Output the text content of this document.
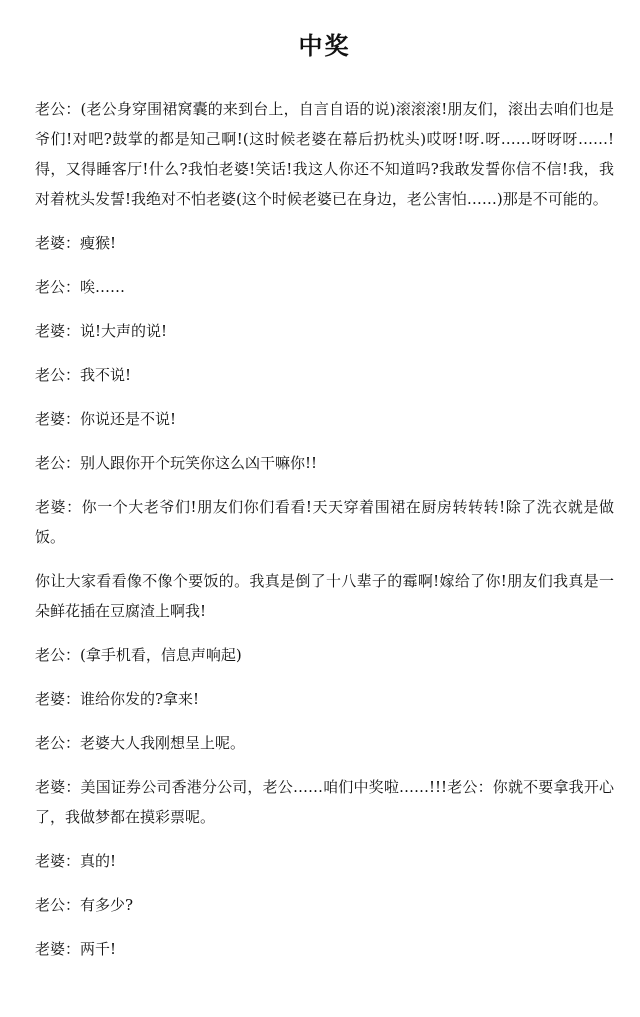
中奖

老公：(老公身穿围裙窝囊的来到台上，自言自语的说)滚滚滚!朋友们，滚出去咱们也是爷们!对吧?鼓掌的都是知己啊!(这时候老婆在幕后扔枕头)哎呀!呀.呀……呀呀呀……!得，又得睡客厅!什么?我怕老婆!笑话!我这人你还不知道吗?我敢发誓你信不信!我，我对着枕头发誓!我绝对不怕老婆(这个时候老婆已在身边，老公害怕……)那是不可能的。

老婆：瘦猴!

老公：唉……

老婆：说!大声的说!

老公：我不说!

老婆：你说还是不说!

老公：别人跟你开个玩笑你这么凶干嘛你!!

老婆：你一个大老爷们!朋友们你们看看!天天穿着围裙在厨房转转转!除了洗衣就是做饭。

你让大家看看像不像个要饭的。我真是倒了十八辈子的霉啊!嫁给了你!朋友们我真是一朵鲜花插在豆腐渣上啊我!

老公：(拿手机看，信息声响起)

老婆：谁给你发的?拿来!

老公：老婆大人我刚想呈上呢。

老婆：美国证券公司香港分公司，老公……咱们中奖啦……!!!老公：你就不要拿我开心了，我做梦都在摸彩票呢。

老婆：真的!

老公：有多少?

老婆：两千!
